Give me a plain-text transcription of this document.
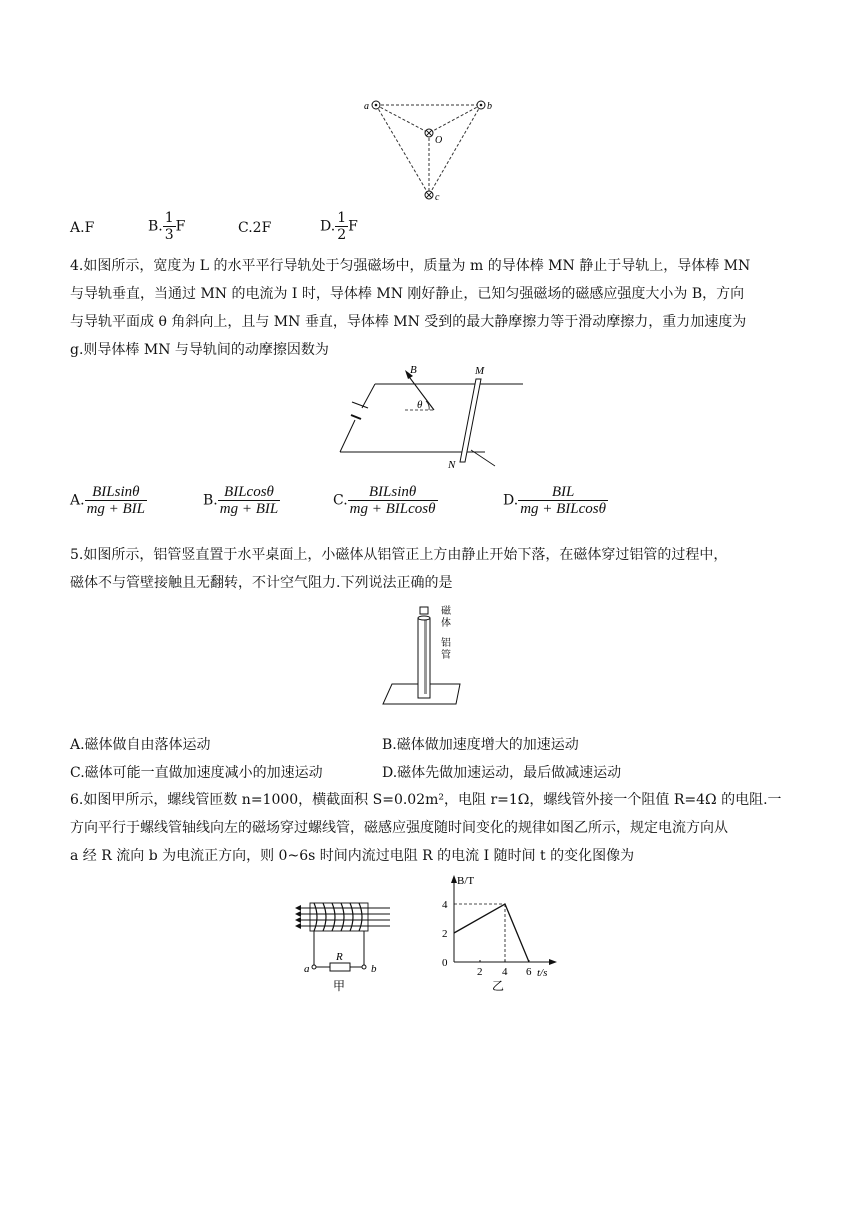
a	b
O
c
A.F	B. $\frac{1}{3}$ F	C.2F	D. $\frac{1}{2}$ F
4.如图所示，宽度为 L 的水平平行导轨处于匀强磁场中，质量为 m 的导体棒 MN 静止于导轨上，导体棒 MN
与导轨垂直，当通过 MN 的电流为 I 时，导体棒 MN 刚好静止，已知匀强磁场的磁感应强度大小为 B，方向
与导轨平面成 θ 角斜向上，且与 MN 垂直，导体棒 MN 受到的最大静摩擦力等于滑动摩擦力，重力加速度为
g.则导体棒 MN 与导轨间的动摩擦因数为
B	M
N
θ
A. $\frac{\text{BILsinθ}}{\text{mg + BIL}}$	B. $\frac{\text{BILcosθ}}{\text{mg + BIL}}$	C. $\frac{\text{BILsinθ}}{\text{mg + BILcosθ}}$	D. $\frac{\text{BIL}}{\text{mg + BILcosθ}}$
5.如图所示，铝管竖直置于水平桌面上，小磁体从铝管正上方由静止开始下落，在磁体穿过铝管的过程中，
磁体不与管壁接触且无翻转，不计空气阻力.下列说法正确的是
磁
体
铝
管
A.磁体做自由落体运动	B.磁体做加速度增大的加速运动
C.磁体可能一直做加速度减小的加速运动	D.磁体先做加速运动，最后做减速运动
6.如图甲所示，螺线管匝数 n=1000，横截面积 S=0.02m²，电阻 r=1Ω，螺线管外接一个阻值 R=4Ω 的电阻.一
方向平行于螺线管轴线向左的磁场穿过螺线管，磁感应强度随时间变化的规律如图乙所示，规定电流方向从
a 经 R 流向 b 为电流正方向，则 0~6s 时间内流过电阻 R 的电流 I 随时间 t 的变化图像为
R
a	b
甲
B/T
t/s
4
2
0
2 4 6
乙
